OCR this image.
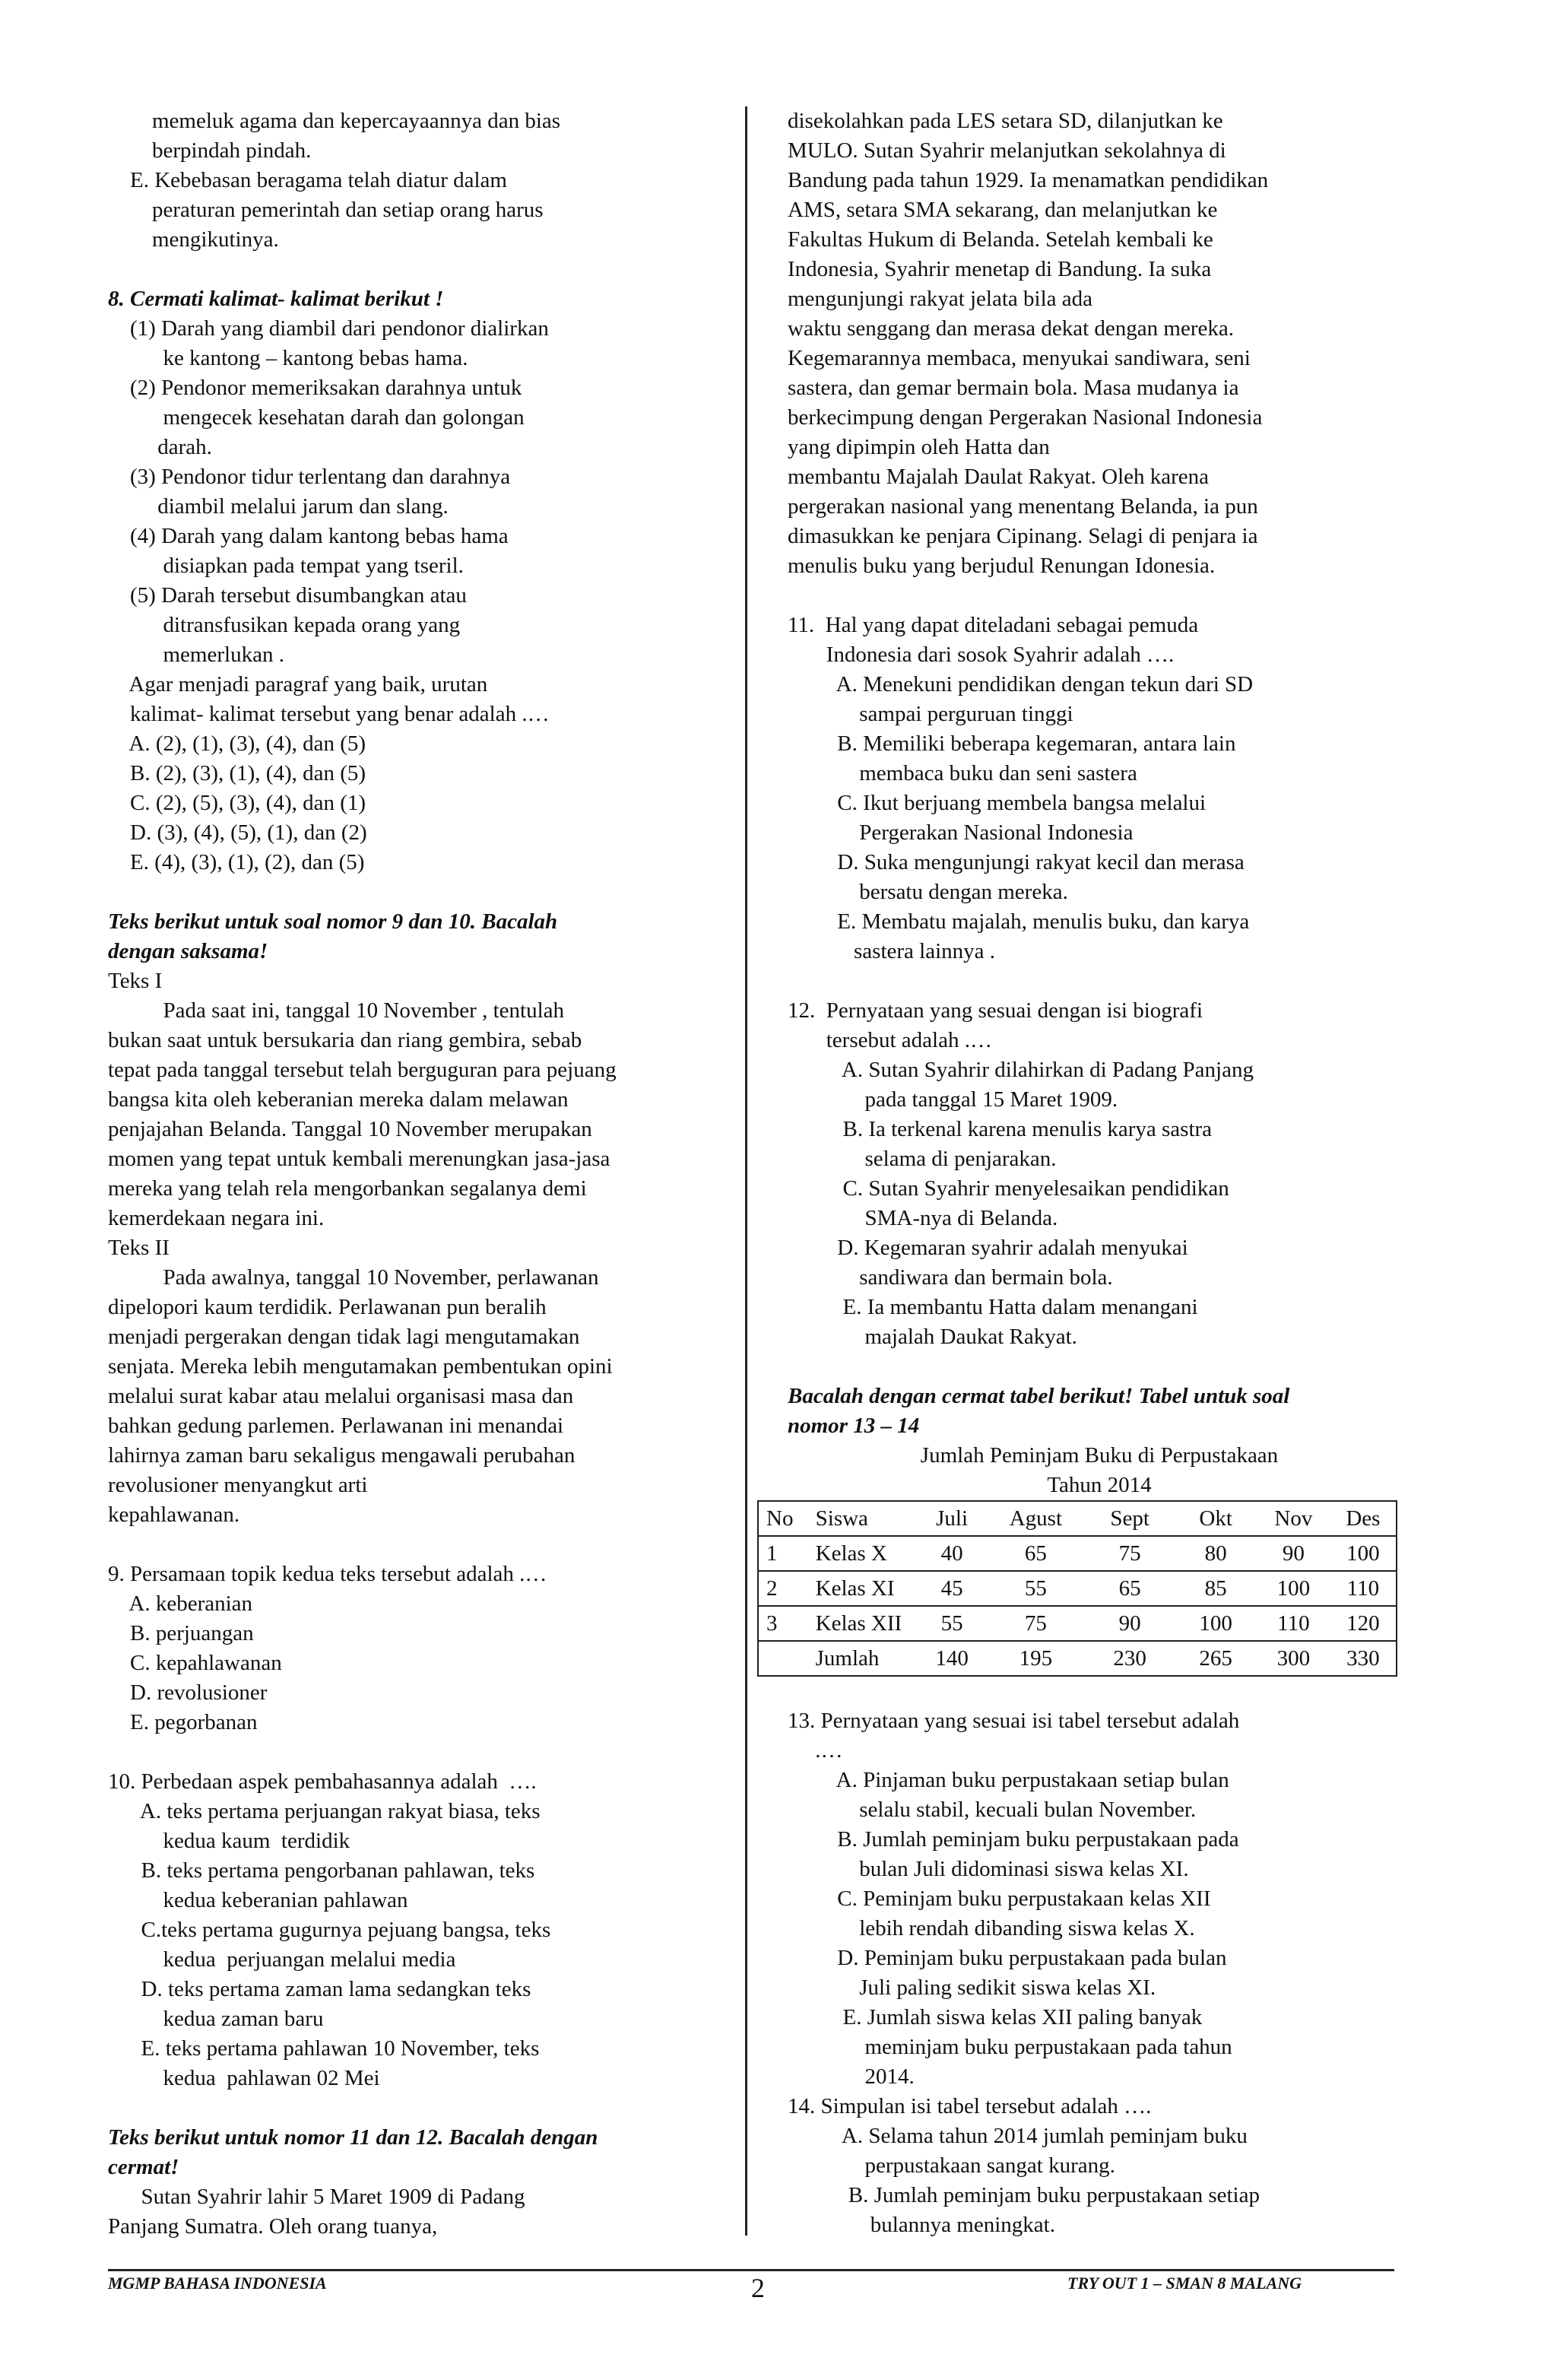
memeluk agama dan kepercayaannya dan bias
berpindah pindah.
E. Kebebasan beragama telah diatur dalam
peraturan pemerintah dan setiap orang harus
mengikutinya.
8. Cermati kalimat- kalimat berikut !
(1) Darah yang diambil dari pendonor dialirkan
ke kantong – kantong bebas hama.
(2) Pendonor memeriksakan darahnya untuk
mengecek kesehatan darah dan golongan
darah.
(3) Pendonor tidur terlentang dan darahnya
diambil melalui jarum dan slang.
(4) Darah yang dalam kantong bebas hama
disiapkan pada tempat yang tseril.
(5) Darah tersebut disumbangkan atau
ditransfusikan kepada orang yang
memerlukan .
Agar menjadi paragraf yang baik, urutan
kalimat- kalimat tersebut yang benar adalah .…
A. (2), (1), (3), (4), dan (5)
B. (2), (3), (1), (4), dan (5)
C. (2), (5), (3), (4), dan (1)
D. (3), (4), (5), (1), dan (2)
E. (4), (3), (1), (2), dan (5)
Teks berikut untuk soal nomor 9 dan 10. Bacalah
dengan saksama!
Teks I
Pada saat ini, tanggal 10 November , tentulah
bukan saat untuk bersukaria dan riang gembira, sebab
tepat pada tanggal tersebut telah berguguran para pejuang
bangsa kita oleh keberanian mereka dalam melawan
penjajahan Belanda. Tanggal 10 November merupakan
momen yang tepat untuk kembali merenungkan jasa-jasa
mereka yang telah rela mengorbankan segalanya demi
kemerdekaan negara ini.
Teks II
Pada awalnya, tanggal 10 November, perlawanan
dipelopori kaum terdidik. Perlawanan pun beralih
menjadi pergerakan dengan tidak lagi mengutamakan
senjata. Mereka lebih mengutamakan pembentukan opini
melalui surat kabar atau melalui organisasi masa dan
bahkan gedung parlemen. Perlawanan ini menandai
lahirnya zaman baru sekaligus mengawali perubahan
revolusioner menyangkut arti
kepahlawanan.
9. Persamaan topik kedua teks tersebut adalah .…
A. keberanian
B. perjuangan
C. kepahlawanan
D. revolusioner
E. pegorbanan
10. Perbedaan aspek pembahasannya adalah  ….
A. teks pertama perjuangan rakyat biasa, teks
kedua kaum  terdidik
B. teks pertama pengorbanan pahlawan, teks
kedua keberanian pahlawan
C.teks pertama gugurnya pejuang bangsa, teks
kedua  perjuangan melalui media
D. teks pertama zaman lama sedangkan teks
kedua zaman baru
E. teks pertama pahlawan 10 November, teks
kedua  pahlawan 02 Mei
Teks berikut untuk nomor 11 dan 12. Bacalah dengan
cermat!
Sutan Syahrir lahir 5 Maret 1909 di Padang
Panjang Sumatra. Oleh orang tuanya,
disekolahkan pada LES setara SD, dilanjutkan ke
MULO. Sutan Syahrir melanjutkan sekolahnya di
Bandung pada tahun 1929. Ia menamatkan pendidikan
AMS, setara SMA sekarang, dan melanjutkan ke
Fakultas Hukum di Belanda. Setelah kembali ke
Indonesia, Syahrir menetap di Bandung. Ia suka
mengunjungi rakyat jelata bila ada
waktu senggang dan merasa dekat dengan mereka.
Kegemarannya membaca, menyukai sandiwara, seni
sastera, dan gemar bermain bola. Masa mudanya ia
berkecimpung dengan Pergerakan Nasional Indonesia
yang dipimpin oleh Hatta dan
membantu Majalah Daulat Rakyat. Oleh karena
pergerakan nasional yang menentang Belanda, ia pun
dimasukkan ke penjara Cipinang. Selagi di penjara ia
menulis buku yang berjudul Renungan Idonesia.
11.  Hal yang dapat diteladani sebagai pemuda
Indonesia dari sosok Syahrir adalah ….
A. Menekuni pendidikan dengan tekun dari SD
sampai perguruan tinggi
B. Memiliki beberapa kegemaran, antara lain
membaca buku dan seni sastera
C. Ikut berjuang membela bangsa melalui
Pergerakan Nasional Indonesia
D. Suka mengunjungi rakyat kecil dan merasa
bersatu dengan mereka.
E. Membatu majalah, menulis buku, dan karya
sastera lainnya .
12.  Pernyataan yang sesuai dengan isi biografi
tersebut adalah .…
A. Sutan Syahrir dilahirkan di Padang Panjang
pada tanggal 15 Maret 1909.
B. Ia terkenal karena menulis karya sastra
selama di penjarakan.
C. Sutan Syahrir menyelesaikan pendidikan
SMA-nya di Belanda.
D. Kegemaran syahrir adalah menyukai
sandiwara dan bermain bola.
E. Ia membantu Hatta dalam menangani
majalah Daukat Rakyat.
Bacalah dengan cermat tabel berikut! Tabel untuk soal
nomor 13 – 14
Jumlah Peminjam Buku di Perpustakaan
Tahun 2014
No	Siswa	Juli	Agust	Sept	Okt	Nov	Des
1	Kelas X	40	65	75	80	90	100
2	Kelas XI	45	55	65	85	100	110
3	Kelas XII	55	75	90	100	110	120
	Jumlah	140	195	230	265	300	330
13. Pernyataan yang sesuai isi tabel tersebut adalah
.…
A. Pinjaman buku perpustakaan setiap bulan
selalu stabil, kecuali bulan November.
B. Jumlah peminjam buku perpustakaan pada
bulan Juli didominasi siswa kelas XI.
C. Peminjam buku perpustakaan kelas XII
lebih rendah dibanding siswa kelas X.
D. Peminjam buku perpustakaan pada bulan
Juli paling sedikit siswa kelas XI.
E. Jumlah siswa kelas XII paling banyak
meminjam buku perpustakaan pada tahun
2014.
14. Simpulan isi tabel tersebut adalah ….
A. Selama tahun 2014 jumlah peminjam buku
perpustakaan sangat kurang.
B. Jumlah peminjam buku perpustakaan setiap
bulannya meningkat.
MGMP BAHASA INDONESIA	2	TRY OUT 1 – SMAN 8 MALANG
